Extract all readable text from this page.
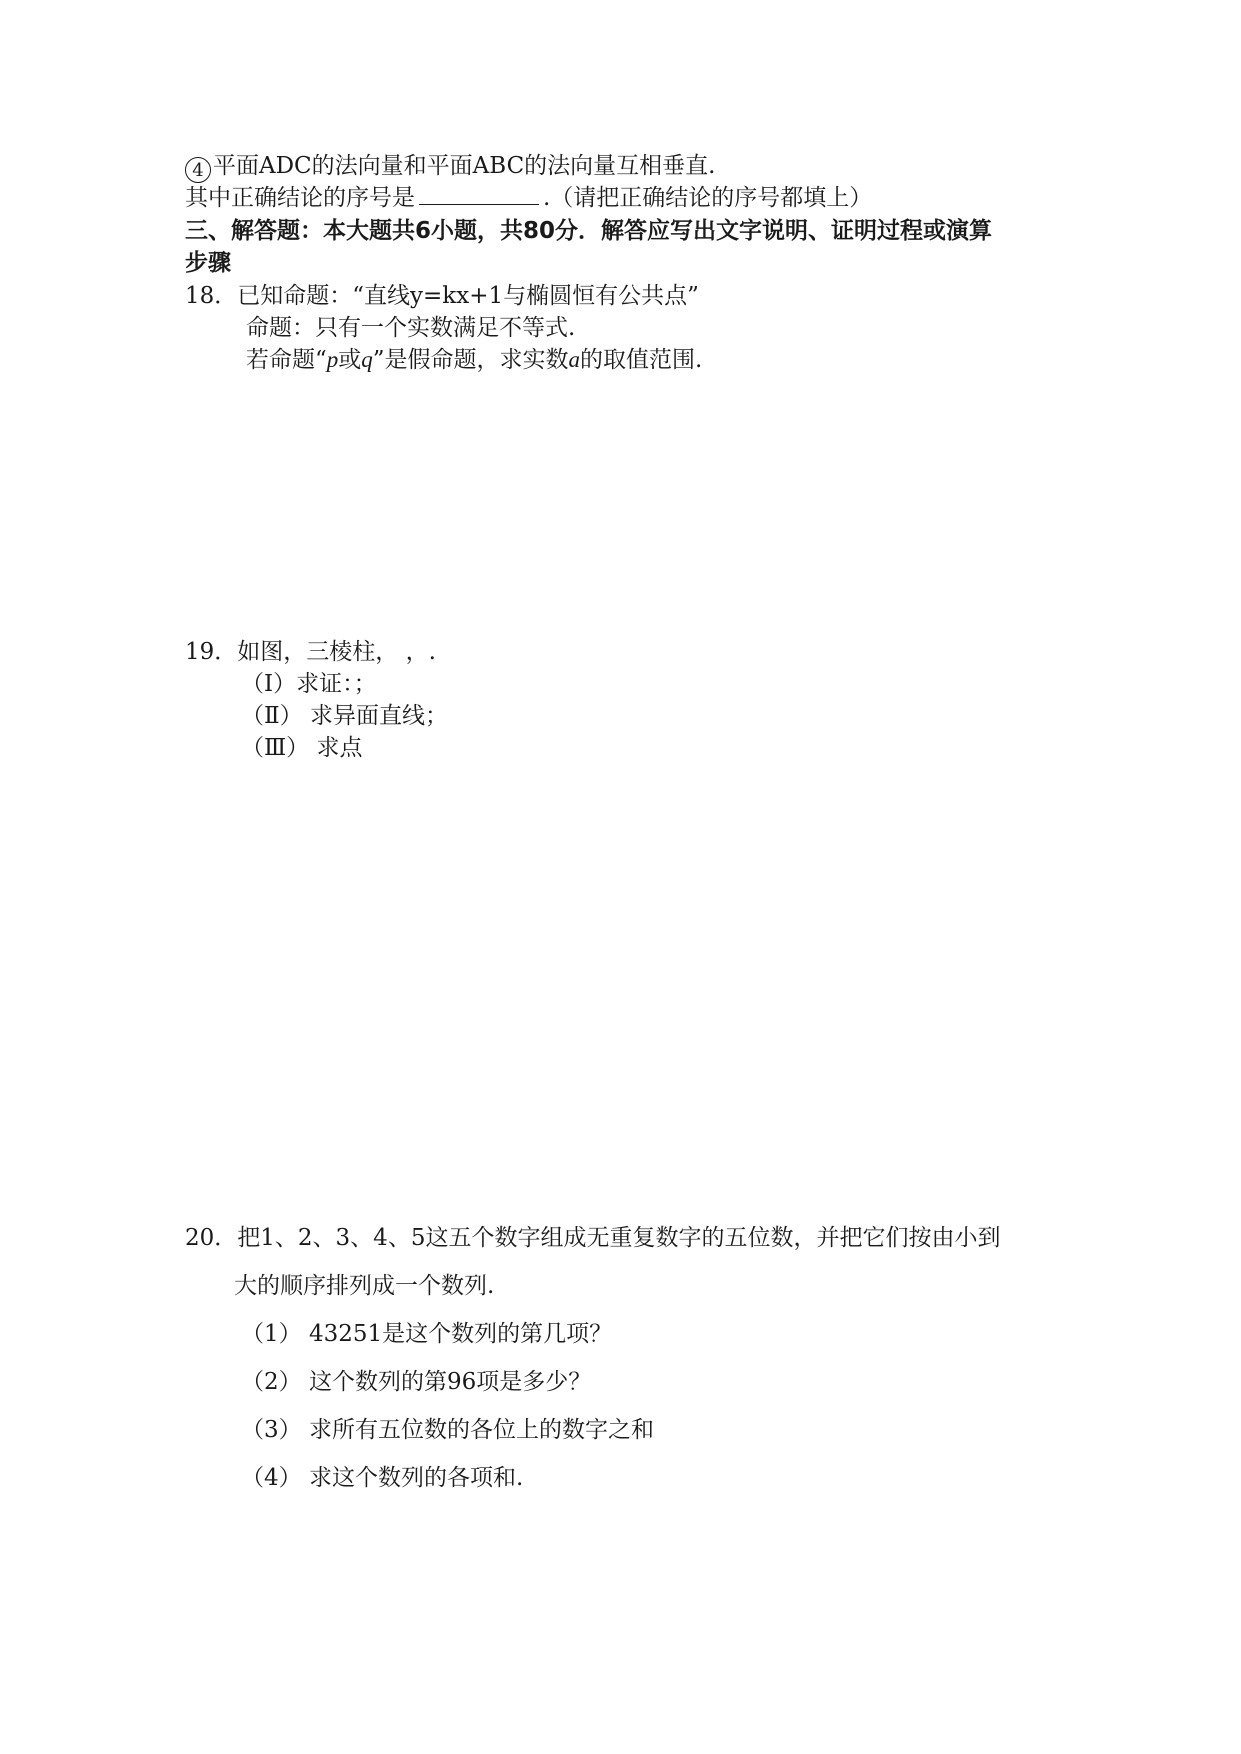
4 平面ADC的法向量和平面ABC的法向量互相垂直.
其中正确结论的序号是	.（请把正确结论的序号都填上）
三、解答题：本大题共6小题，共80分．解答应写出文字说明、证明过程或演算
步骤
18．已知命题：“直线y=kx+1与椭圆恒有公共点”
命题：只有一个实数满足不等式.
若命题“p或q”是假命题，求实数a的取值范围.
19．如图，三棱柱， ，.
（Ⅰ）求证：；
（Ⅱ） 求异面直线；
（Ⅲ） 求点
20．把1、2、3、4、5这五个数字组成无重复数字的五位数，并把它们按由小到
大的顺序排列成一个数列.
（1） 43251是这个数列的第几项？
（2） 这个数列的第96项是多少？
（3） 求所有五位数的各位上的数字之和
（4） 求这个数列的各项和.
